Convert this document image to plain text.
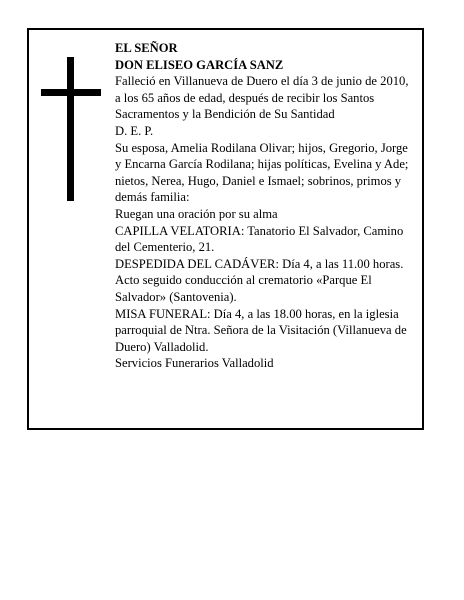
EL SEÑOR

DON ELISEO GARCÍA SANZ

Falleció en Villanueva de Duero el día 3 de junio de 2010, a los 65 años de edad, después de recibir los Santos Sacramentos y la Bendición de Su Santidad

D. E. P.

Su esposa, Amelia Rodilana Olivar; hijos, Gregorio, Jorge y Encarna García Rodilana; hijas políticas, Evelina y Ade; nietos, Nerea, Hugo, Daniel e Ismael; sobrinos, primos y demás familia:

Ruegan una oración por su alma

CAPILLA VELATORIA: Tanatorio El Salvador, Camino del Cementerio, 21.

DESPEDIDA DEL CADÁVER: Día 4, a las 11.00 horas. Acto seguido conducción al crematorio «Parque El Salvador» (Santovenia).

MISA FUNERAL: Día 4, a las 18.00 horas, en la iglesia parroquial de Ntra. Señora de la Visitación (Villanueva de Duero) Valladolid.

Servicios Funerarios Valladolid
